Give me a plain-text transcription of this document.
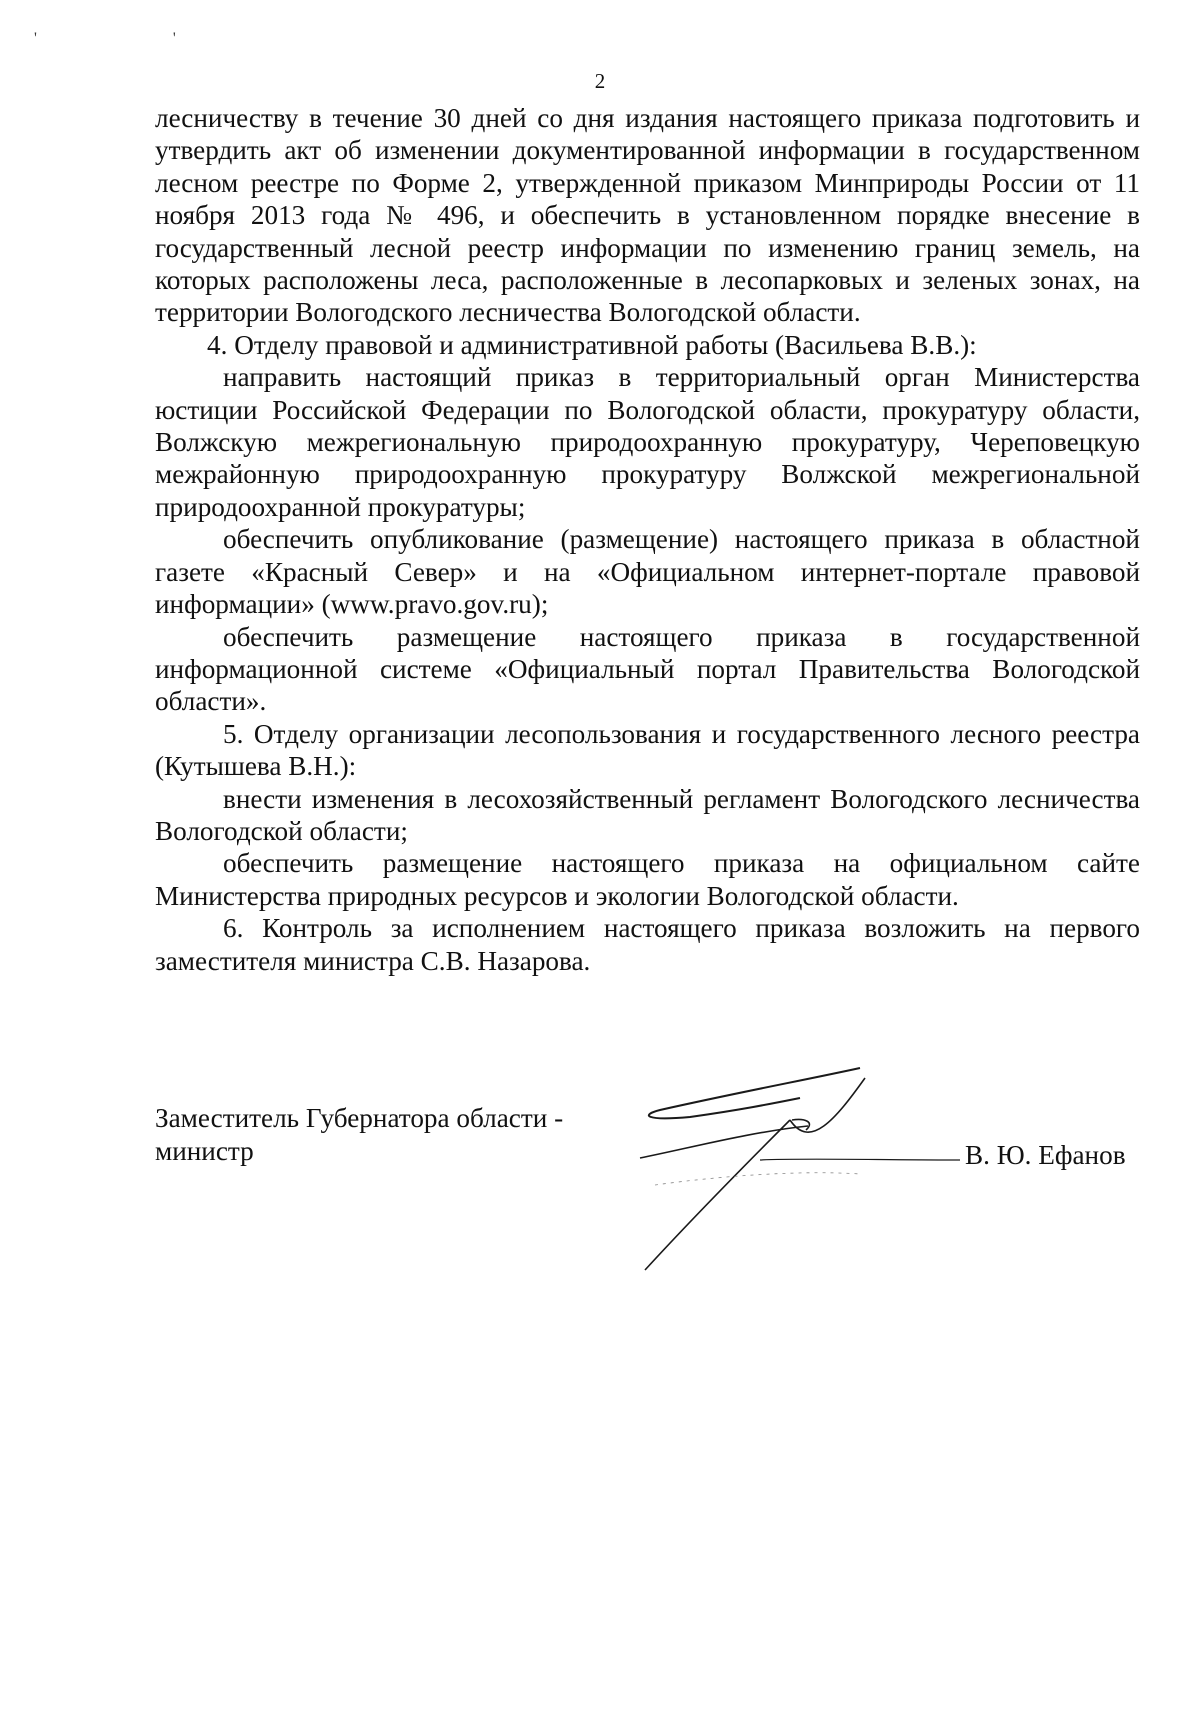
' '
2

лесничеству в течение 30 дней со дня издания настоящего приказа подготовить и утвердить акт об изменении документированной информации в государственном лесном реестре по Форме 2, утвержденной приказом Минприроды России от 11 ноября 2013 года № 496, и обеспечить в установленном порядке внесение в государственный лесной реестр информации по изменению границ земель, на которых расположены леса, расположенные в лесопарковых и зеленых зонах, на территории Вологодского лесничества Вологодской области.

4. Отделу правовой и административной работы (Васильева В.В.):

направить настоящий приказ в территориальный орган Министерства юстиции Российской Федерации по Вологодской области, прокуратуру области, Волжскую межрегиональную природоохранную прокуратуру, Череповецкую межрайонную природоохранную прокуратуру Волжской межрегиональной природоохранной прокуратуры;

обеспечить опубликование (размещение) настоящего приказа в областной газете «Красный Север» и на «Официальном интернет-портале правовой информации» (www.pravo.gov.ru);

обеспечить размещение настоящего приказа в государственной информационной системе «Официальный портал Правительства Вологодской области».

5. Отделу организации лесопользования и государственного лесного реестра (Кутышева В.Н.):

внести изменения в лесохозяйственный регламент Вологодского лесничества Вологодской области;

обеспечить размещение настоящего приказа на официальном сайте Министерства природных ресурсов и экологии Вологодской области.

6. Контроль за исполнением настоящего приказа возложить на первого заместителя министра С.В. Назарова.

Заместитель Губернатора области -
министр	В. Ю. Ефанов
